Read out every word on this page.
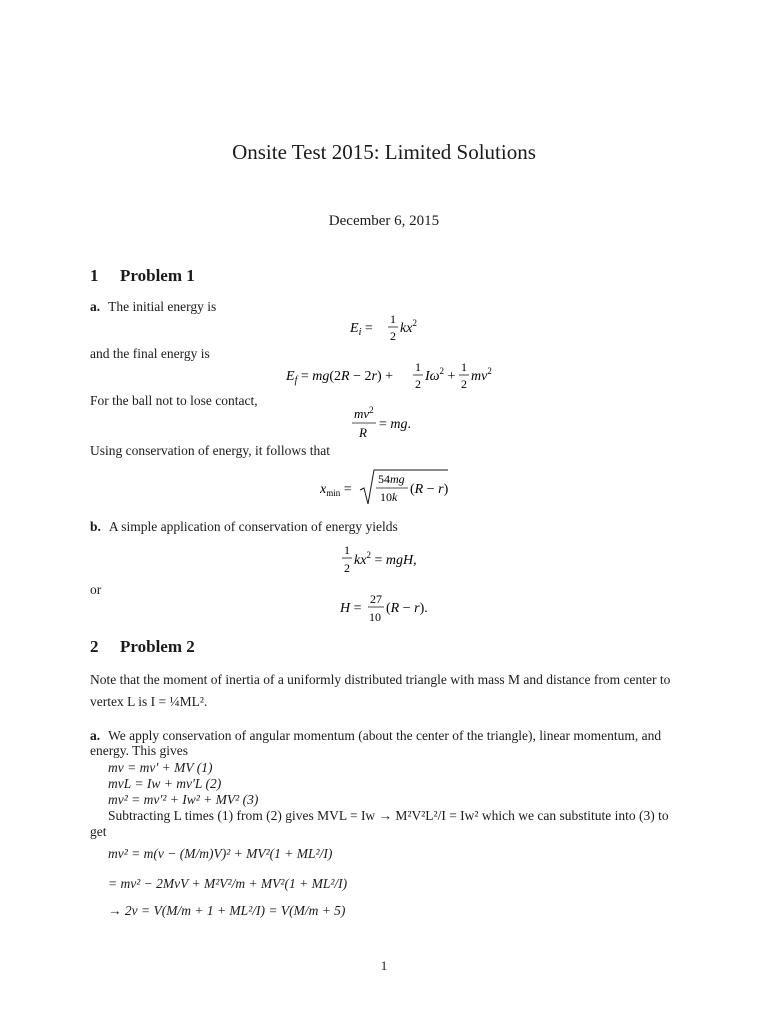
Onsite Test 2015: Limited Solutions
December 6, 2015
1 Problem 1
a. The initial energy is
$E_i$ =
1
2 $kx^2$
and the final energy is
$E_f = mg(2R - 2r)$ +
1
2 $I\omega^2$ +
1
2 $mv^2$
For the ball not to lose contact,
$mv^2$
R
= mg.
Using conservation of energy, it follows that
$x_{min}$ =
54mg
10k (R − r)
b. A simple application of conservation of energy yields
1
2 $kx^2$ = mgH,
or
H =
27
10
(R − r).
2 Problem 2
Note that the moment of inertia of a uniformly distributed triangle with mass M and distance from center to vertex L is I = ¼ML².
a. We apply conservation of angular momentum (about the center of the triangle), linear momentum, and energy. This gives
mv = mv′ + MV (1)
mvL = Iw + mv′L (2)
mv² = mv′² + Iw² + MV² (3)
Subtracting L times (1) from (2) gives MVL = Iw → M²V²L²/I = Iw² which we can substitute into (3) to get
mv² = m(v − (M/m)V)² + MV²(1 + ML²/I)
= mv² − 2MvV + M²V²/m + MV²(1 + ML²/I)
→ 2v = V(M/m + 1 + ML²/I) = V(M/m + 5)
1
